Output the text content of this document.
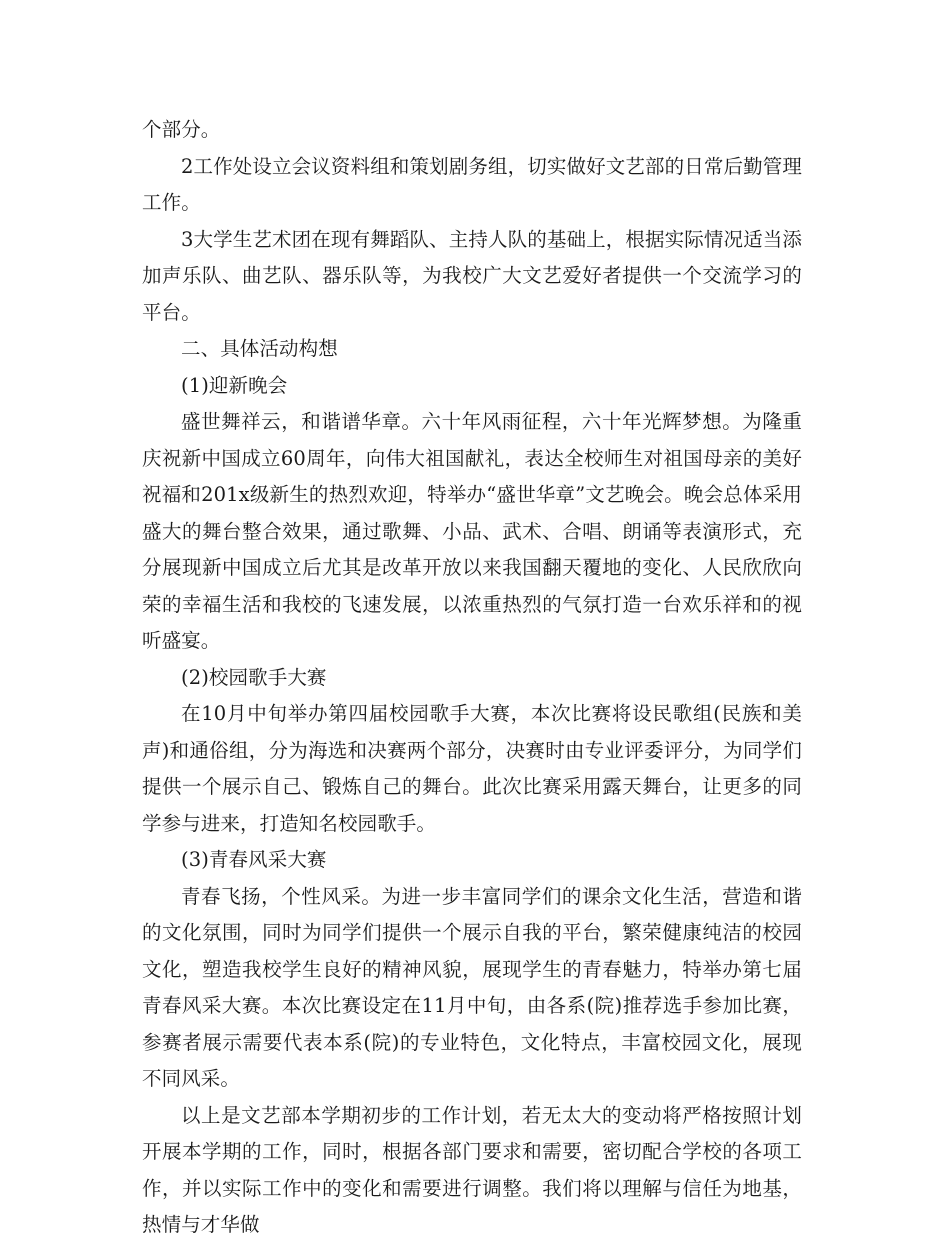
个部分。

2工作处设立会议资料组和策划剧务组，切实做好文艺部的日常后勤管理工作。

3大学生艺术团在现有舞蹈队、主持人队的基础上，根据实际情况适当添加声乐队、曲艺队、器乐队等，为我校广大文艺爱好者提供一个交流学习的平台。

二、具体活动构想

(1)迎新晚会

盛世舞祥云，和谐谱华章。六十年风雨征程，六十年光辉梦想。为隆重庆祝新中国成立60周年，向伟大祖国献礼，表达全校师生对祖国母亲的美好祝福和201x级新生的热烈欢迎，特举办“盛世华章”文艺晚会。晚会总体采用盛大的舞台整合效果，通过歌舞、小品、武术、合唱、朗诵等表演形式，充分展现新中国成立后尤其是改革开放以来我国翻天覆地的变化、人民欣欣向荣的幸福生活和我校的飞速发展，以浓重热烈的气氛打造一台欢乐祥和的视听盛宴。

(2)校园歌手大赛

在10月中旬举办第四届校园歌手大赛，本次比赛将设民歌组(民族和美声)和通俗组，分为海选和决赛两个部分，决赛时由专业评委评分，为同学们提供一个展示自己、锻炼自己的舞台。此次比赛采用露天舞台，让更多的同学参与进来，打造知名校园歌手。

(3)青春风采大赛

青春飞扬，个性风采。为进一步丰富同学们的课余文化生活，营造和谐的文化氛围，同时为同学们提供一个展示自我的平台，繁荣健康纯洁的校园文化，塑造我校学生良好的精神风貌，展现学生的青春魅力，特举办第七届青春风采大赛。本次比赛设定在11月中旬，由各系(院)推荐选手参加比赛，参赛者展示需要代表本系(院)的专业特色，文化特点，丰富校园文化，展现不同风采。

以上是文艺部本学期初步的工作计划，若无太大的变动将严格按照计划开展本学期的工作，同时，根据各部门要求和需要，密切配合学校的各项工作，并以实际工作中的变化和需要进行调整。我们将以理解与信任为地基，热情与才华做
